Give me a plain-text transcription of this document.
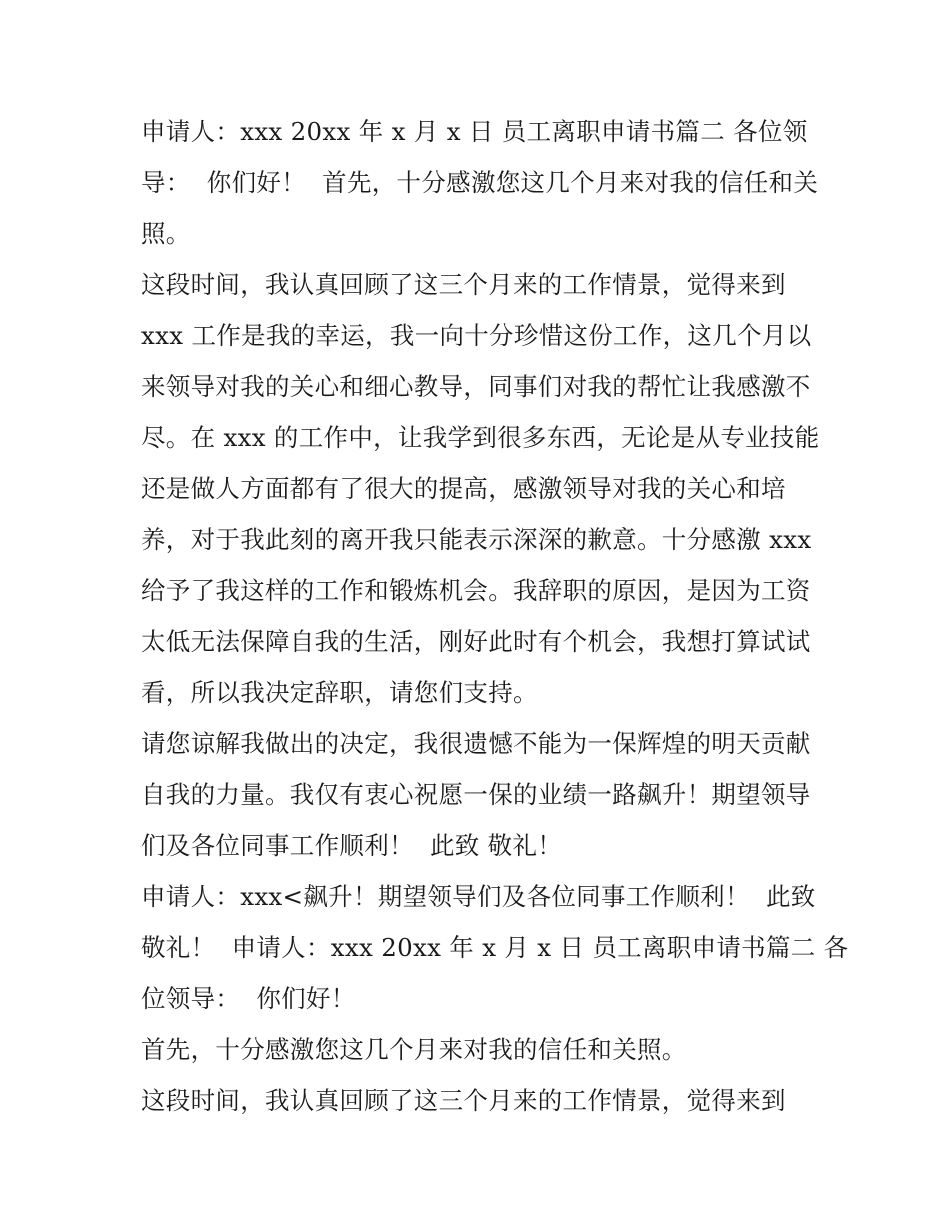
申请人：xxx 20xx 年 x 月 x 日 员工离职申请书篇二 各位领
导：  你们好！  首先，十分感激您这几个月来对我的信任和关
照。
这段时间，我认真回顾了这三个月来的工作情景，觉得来到
xxx 工作是我的幸运，我一向十分珍惜这份工作，这几个月以
来领导对我的关心和细心教导，同事们对我的帮忙让我感激不
尽。在 xxx 的工作中，让我学到很多东西，无论是从专业技能
还是做人方面都有了很大的提高，感激领导对我的关心和培
养，对于我此刻的离开我只能表示深深的歉意。十分感激 xxx
给予了我这样的工作和锻炼机会。我辞职的原因，是因为工资
太低无法保障自我的生活，刚好此时有个机会，我想打算试试
看，所以我决定辞职，请您们支持。
请您谅解我做出的决定，我很遗憾不能为一保辉煌的明天贡献
自我的力量。我仅有衷心祝愿一保的业绩一路飙升！期望领导
们及各位同事工作顺利！  此致 敬礼！
申请人：xxx<飙升！期望领导们及各位同事工作顺利！  此致
敬礼！  申请人：xxx 20xx 年 x 月 x 日 员工离职申请书篇二 各
位领导：  你们好！
首先，十分感激您这几个月来对我的信任和关照。
这段时间，我认真回顾了这三个月来的工作情景，觉得来到
